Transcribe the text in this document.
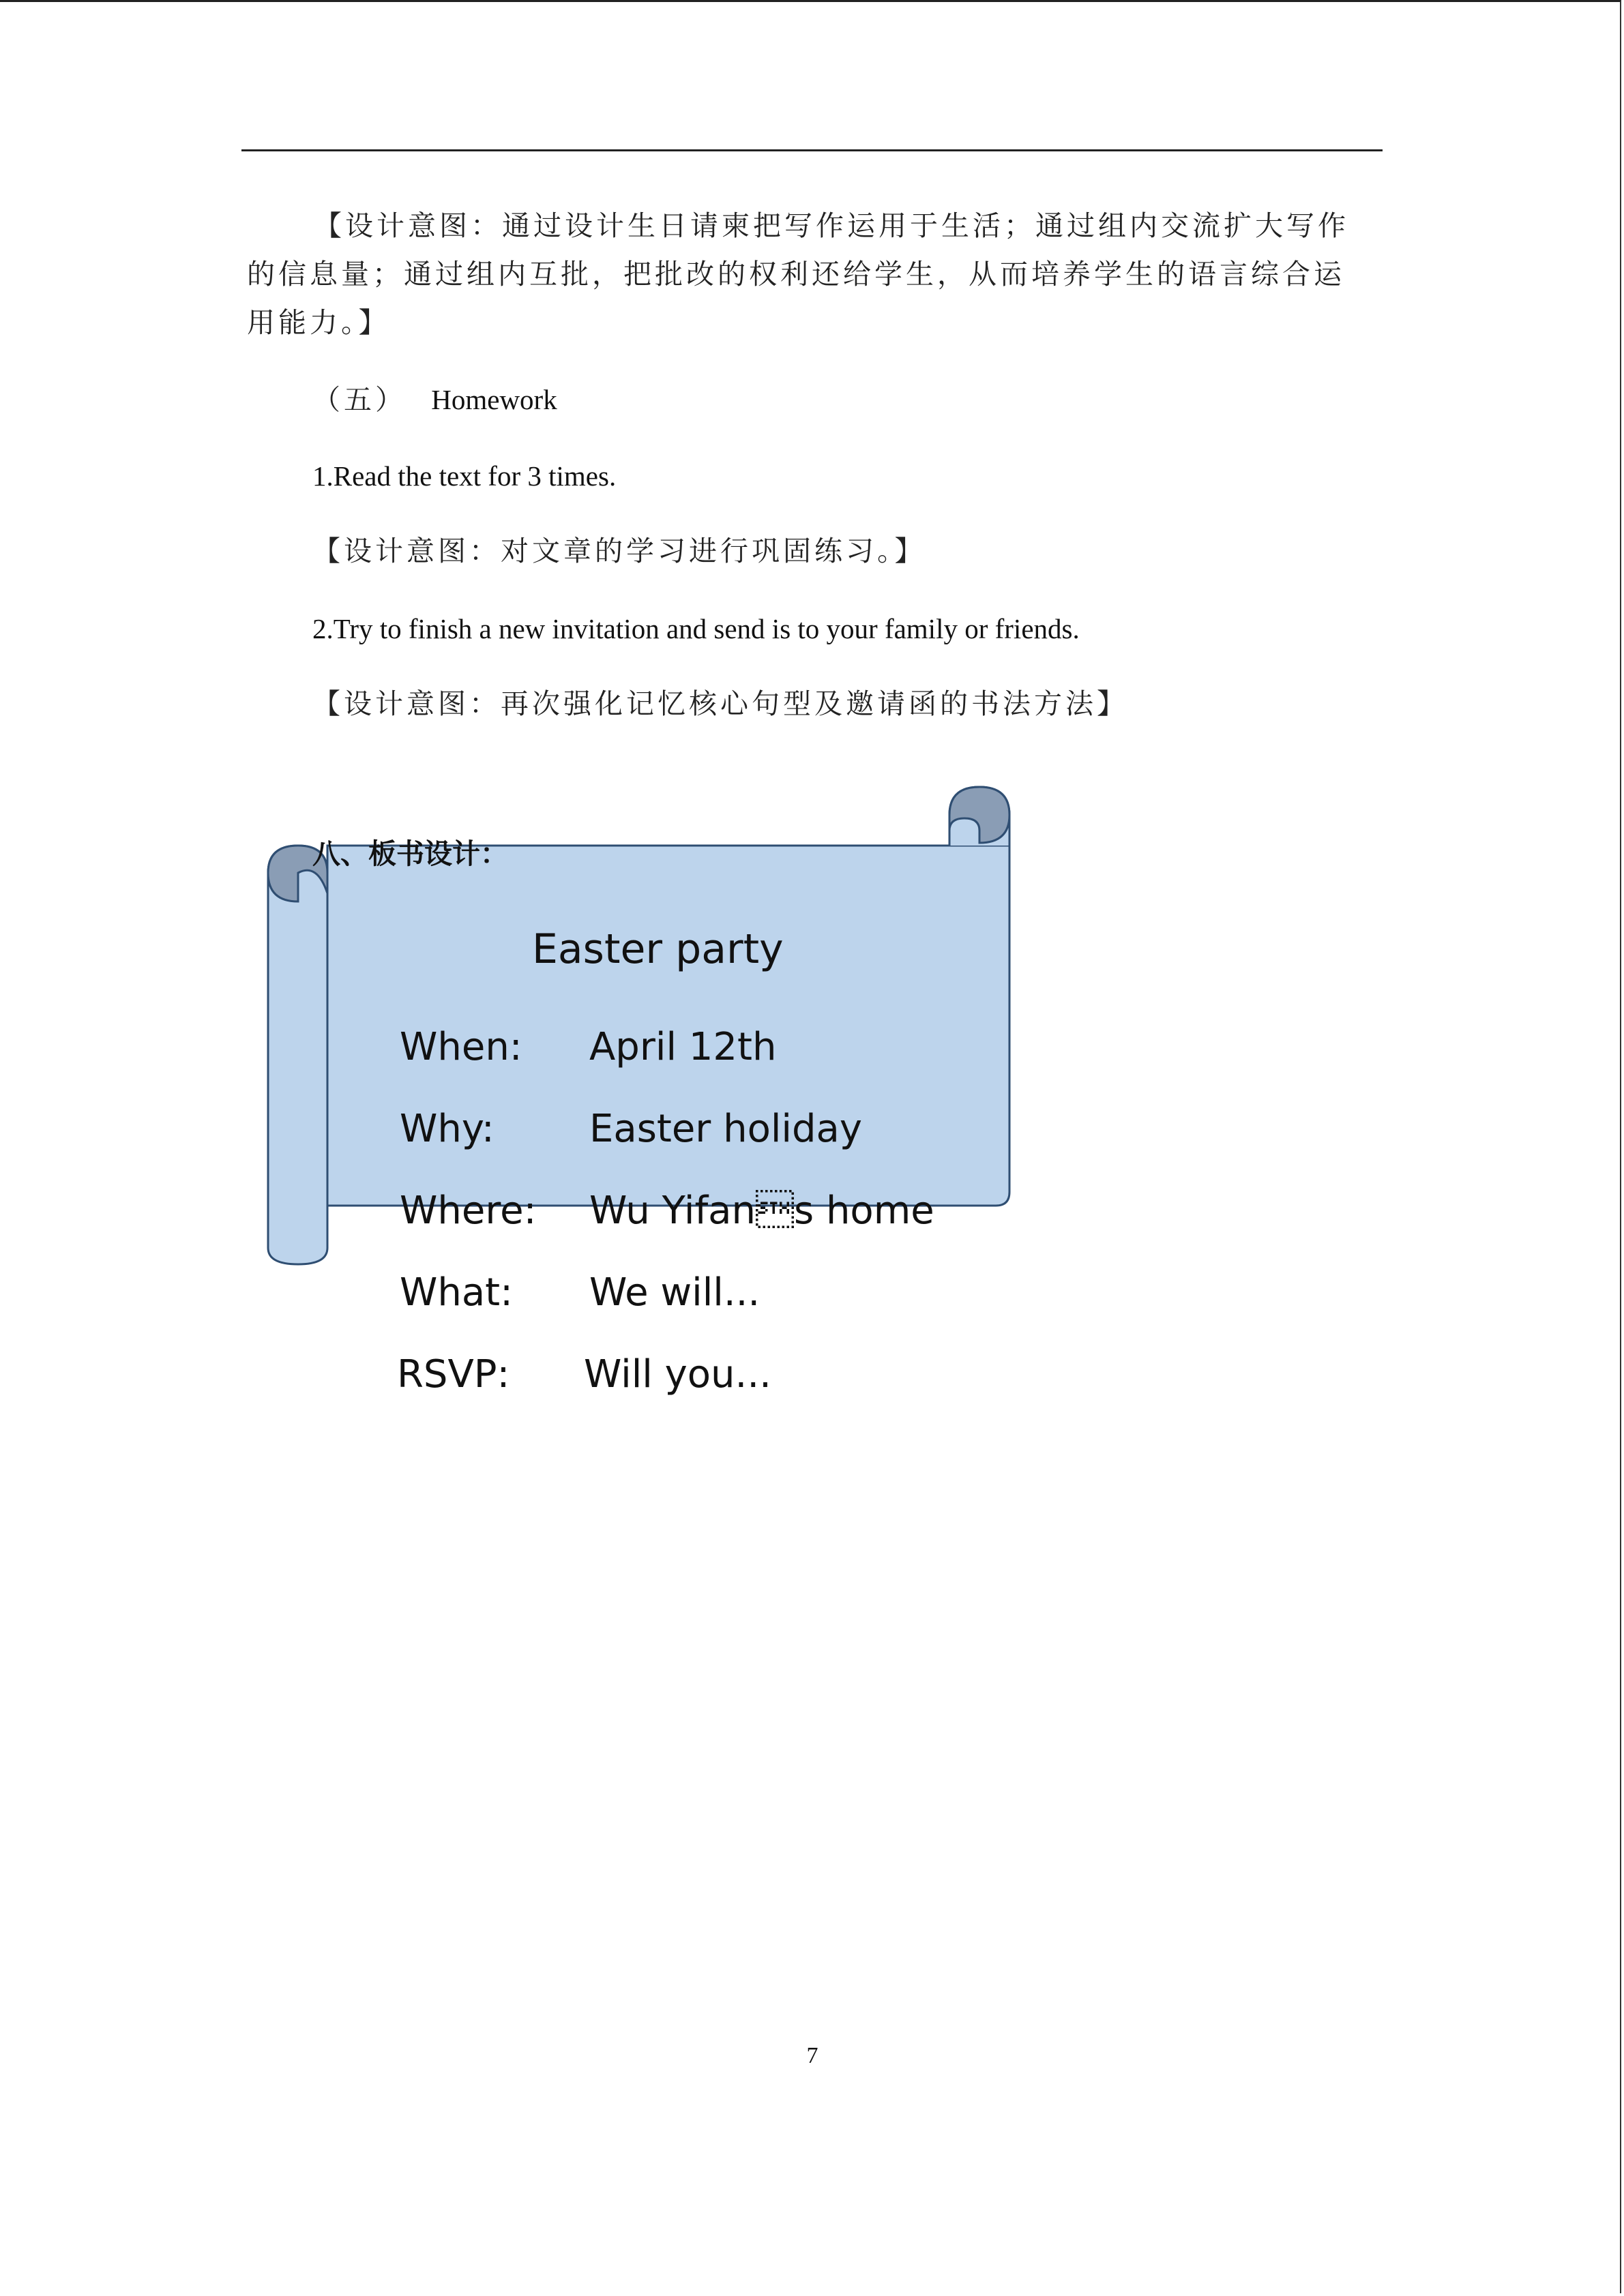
【设计意图：通过设计生日请柬把写作运用于生活；通过组内交流扩大写作的信息量；通过组内互批，把批改的权利还给学生，从而培养学生的语言综合运用能力。】

（五） Homework
1.Read the text for 3 times.
【设计意图：对文章的学习进行巩固练习。】
2.Try to finish a new invitation and send is to your family or friends.
【设计意图：再次强化记忆核心句型及邀请函的书法方法】
八、板书设计：
Easter party
When: April 12th
Why: Easter holiday
Where: Wu Yifans home
What: We will...
RSVP: Will you...
7
